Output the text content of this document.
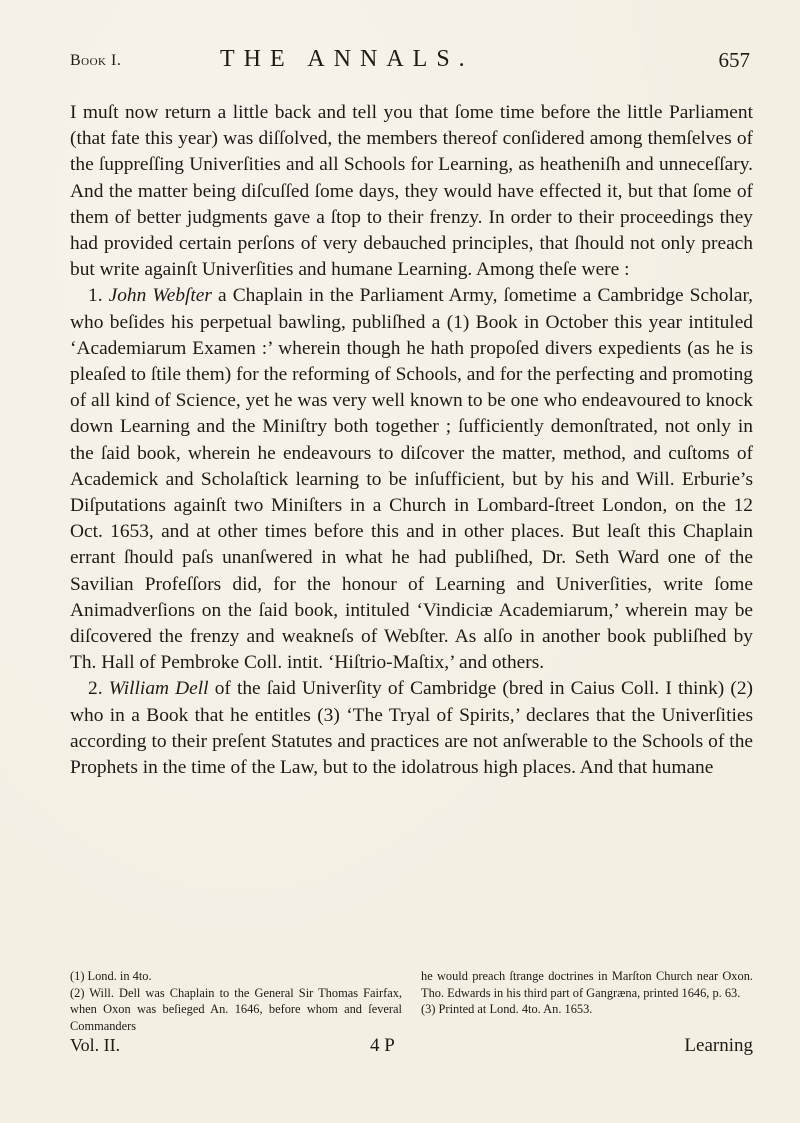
Book I.	THE ANNALS.	657

I muſt now return a little back and tell you that ſome time before the little Parliament (that fate this year) was diſſolved, the members thereof conſidered among themſelves of the ſuppreſſing Univerſities and all Schools for Learning, as heatheniſh and unneceſſary. And the matter being diſcuſſed ſome days, they would have effected it, but that ſome of them of better judgments gave a ſtop to their frenzy. In order to their proceedings they had provided certain perſons of very debauched principles, that ſhould not only preach but write againſt Univerſities and humane Learning. Among theſe were :

1. John Webſter a Chaplain in the Parliament Army, ſometime a Cambridge Scholar, who beſides his perpetual bawling, publiſhed a (1) Book in October this year intituled ‘Academiarum Examen :’ wherein though he hath propoſed divers expedients (as he is pleaſed to ſtile them) for the reforming of Schools, and for the perfecting and promoting of all kind of Science, yet he was very well known to be one who endeavoured to knock down Learning and the Miniſtry both together ; ſufficiently demonſtrated, not only in the ſaid book, wherein he endeavours to diſcover the matter, method, and cuſtoms of Academick and Scholaſtick learning to be inſufficient, but by his and Will. Erburie’s Diſputations againſt two Miniſters in a Church in Lombard-ſtreet London, on the 12 Oct. 1653, and at other times before this and in other places. But leaſt this Chaplain errant ſhould paſs unanſwered in what he had publiſhed, Dr. Seth Ward one of the Savilian Profeſſors did, for the honour of Learning and Univerſities, write ſome Animadverſions on the ſaid book, intituled ‘Vindiciæ Academiarum,’ wherein may be diſcovered the frenzy and weakneſs of Webſter. As alſo in another book publiſhed by Th. Hall of Pembroke Coll. intit. ‘Hiſtrio-Maſtix,’ and others.

2. William Dell of the ſaid Univerſity of Cambridge (bred in Caius Coll. I think) (2) who in a Book that he entitles (3) ‘The Tryal of Spirits,’ declares that the Univerſities according to their preſent Statutes and practices are not anſwerable to the Schools of the Prophets in the time of the Law, but to the idolatrous high places. And that humane

(1) Lond. in 4to.

(2) Will. Dell was Chaplain to the General Sir Thomas Fairfax, when Oxon was beſieged An. 1646, before whom and ſeveral Commanders

he would preach ſtrange doctrines in Marſton Church near Oxon. Tho. Edwards in his third part of Gangræna, printed 1646, p. 63.

(3) Printed at Lond. 4to. An. 1653.

Vol. II.	4 P	Learning
